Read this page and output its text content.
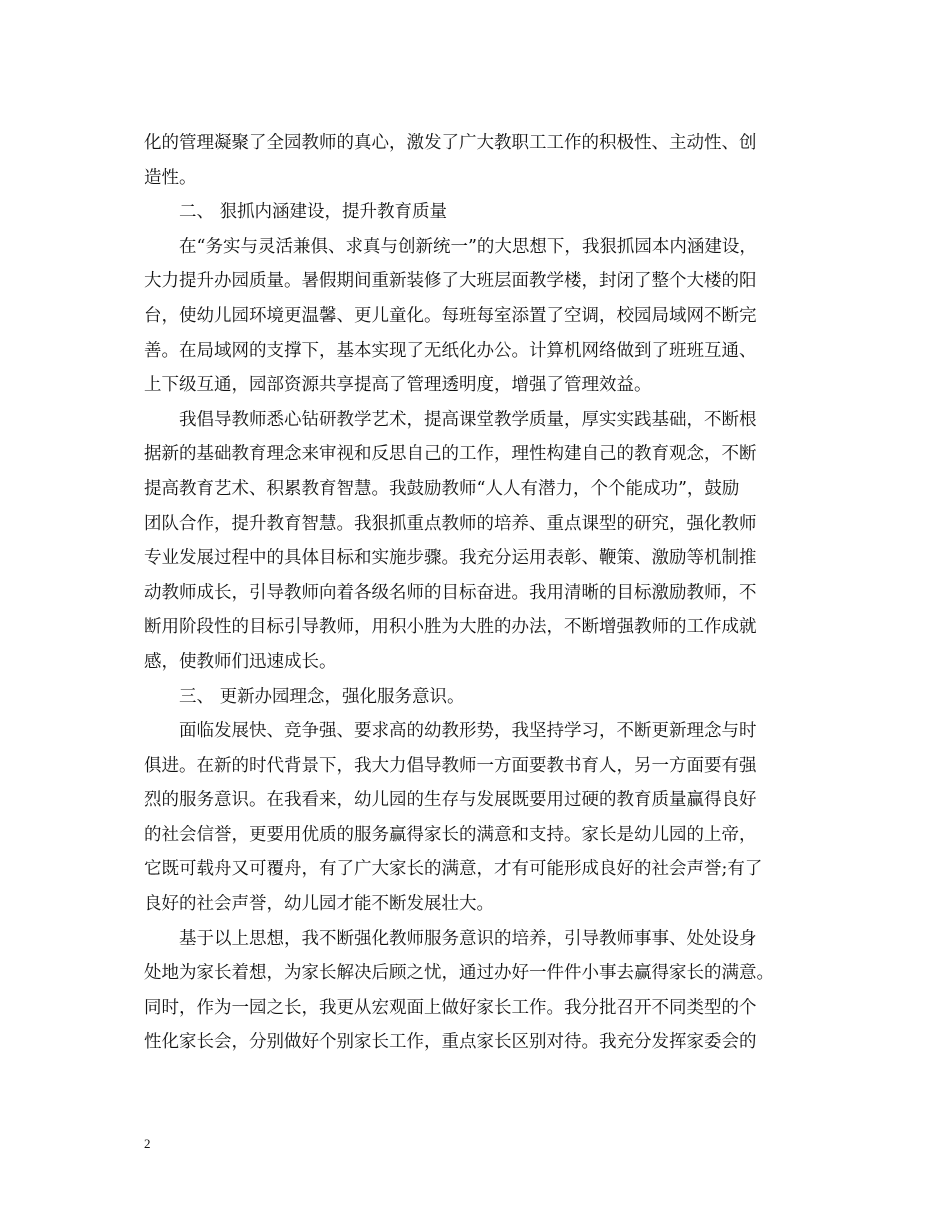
化的管理凝聚了全园教师的真心，激发了广大教职工工作的积极性、主动性、创
造性。
二、 狠抓内涵建设，提升教育质量
在“务实与灵活兼俱、求真与创新统一”的大思想下，我狠抓园本内涵建设，
大力提升办园质量。暑假期间重新装修了大班层面教学楼，封闭了整个大楼的阳
台，使幼儿园环境更温馨、更儿童化。每班每室添置了空调，校园局域网不断完
善。在局域网的支撑下，基本实现了无纸化办公。计算机网络做到了班班互通、
上下级互通，园部资源共享提高了管理透明度，增强了管理效益。
我倡导教师悉心钻研教学艺术，提高课堂教学质量，厚实实践基础，不断根
据新的基础教育理念来审视和反思自己的工作，理性构建自己的教育观念，不断
提高教育艺术、积累教育智慧。我鼓励教师“人人有潜力，个个能成功”，鼓励
团队合作，提升教育智慧。我狠抓重点教师的培养、重点课型的研究，强化教师
专业发展过程中的具体目标和实施步骤。我充分运用表彰、鞭策、激励等机制推
动教师成长，引导教师向着各级名师的目标奋进。我用清晰的目标激励教师，不
断用阶段性的目标引导教师，用积小胜为大胜的办法，不断增强教师的工作成就
感，使教师们迅速成长。
三、 更新办园理念，强化服务意识。
面临发展快、竞争强、要求高的幼教形势，我坚持学习，不断更新理念与时
俱进。在新的时代背景下，我大力倡导教师一方面要教书育人，另一方面要有强
烈的服务意识。在我看来，幼儿园的生存与发展既要用过硬的教育质量赢得良好
的社会信誉，更要用优质的服务赢得家长的满意和支持。家长是幼儿园的上帝，
它既可载舟又可覆舟，有了广大家长的满意，才有可能形成良好的社会声誉;有了
良好的社会声誉，幼儿园才能不断发展壮大。
基于以上思想，我不断强化教师服务意识的培养，引导教师事事、处处设身
处地为家长着想，为家长解决后顾之忧，通过办好一件件小事去赢得家长的满意。
同时，作为一园之长，我更从宏观面上做好家长工作。我分批召开不同类型的个
性化家长会，分别做好个别家长工作，重点家长区别对待。我充分发挥家委会的
2
